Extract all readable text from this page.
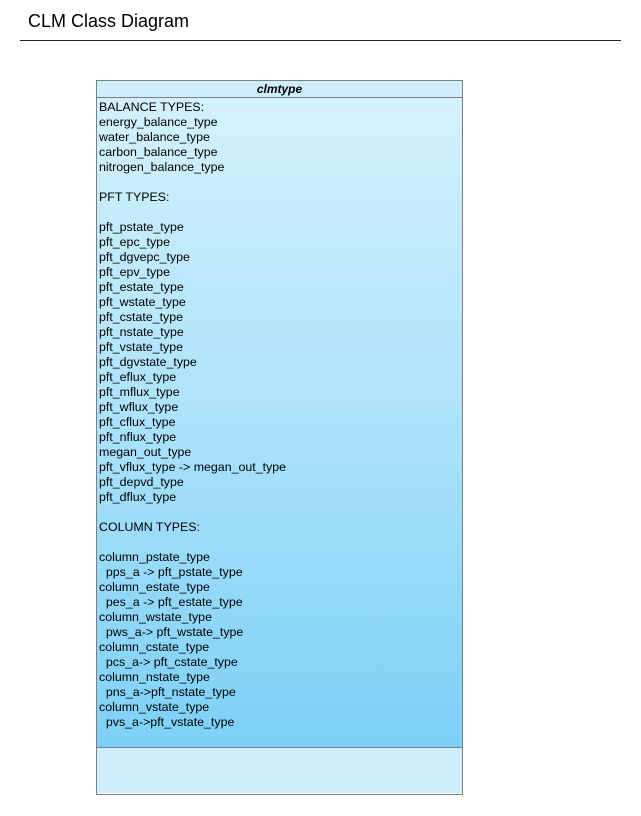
CLM Class Diagram
clmtype
BALANCE TYPES:
energy_balance_type
water_balance_type
carbon_balance_type
nitrogen_balance_type
PFT TYPES:
pft_pstate_type
pft_epc_type
pft_dgvepc_type
pft_epv_type
pft_estate_type
pft_wstate_type
pft_cstate_type
pft_nstate_type
pft_vstate_type
pft_dgvstate_type
pft_eflux_type
pft_mflux_type
pft_wflux_type
pft_cflux_type
pft_nflux_type
megan_out_type
pft_vflux_type -> megan_out_type
pft_depvd_type
pft_dflux_type
COLUMN TYPES:
column_pstate_type
pps_a -> pft_pstate_type
column_estate_type
pes_a -> pft_estate_type
column_wstate_type
pws_a-> pft_wstate_type
column_cstate_type
pcs_a-> pft_cstate_type
column_nstate_type
pns_a->pft_nstate_type
column_vstate_type
pvs_a->pft_vstate_type
